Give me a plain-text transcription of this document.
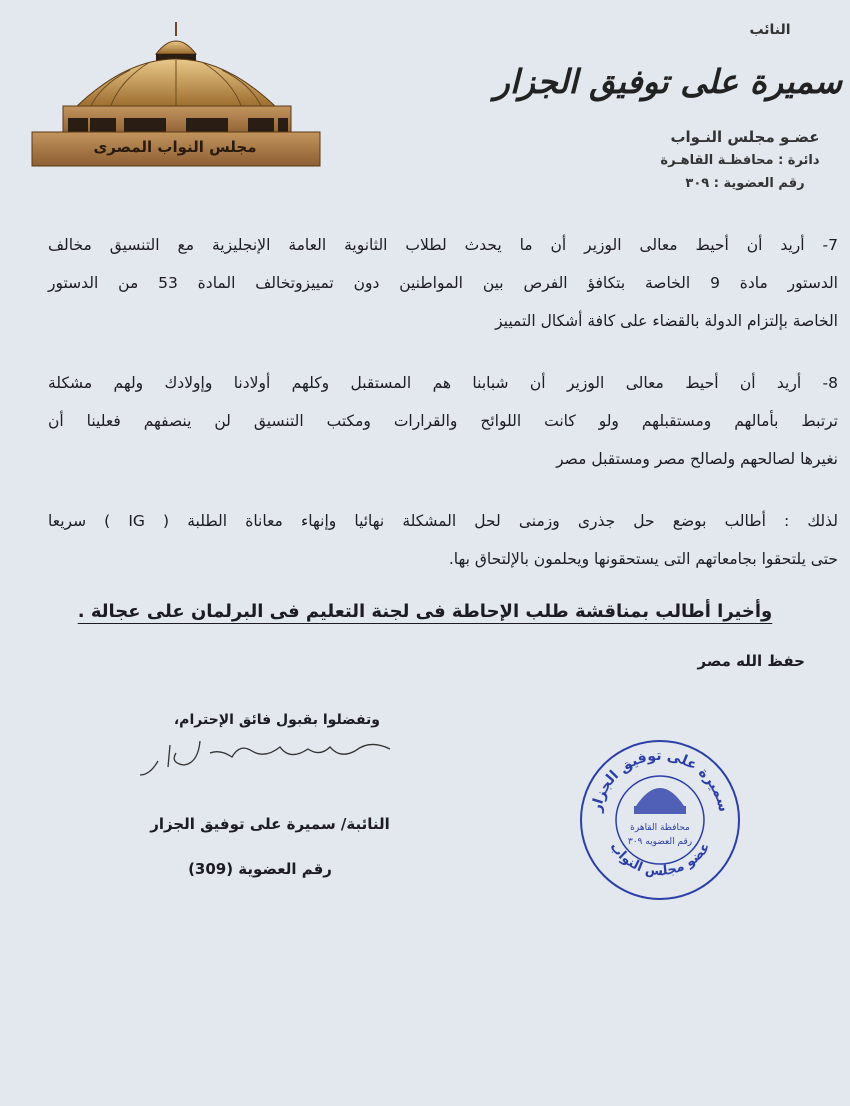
مجلس النواب المصرى
النائب
سميرة على توفيق الجزار
عضـو مجلس النـواب
دائرة : محافظـة القاهـرة
رقم العضوية : ٣٠٩
7- أريد أن أحيط معالى الوزير أن ما يحدث لطلاب الثانوية العامة الإنجليزية مع التنسيق مخالف
الدستور مادة 9 الخاصة بتكافؤ الفرص بين المواطنين دون تمييزوتخالف المادة 53 من الدستور
الخاصة بإلتزام الدولة بالقضاء على كافة أشكال التمييز
8- أريد أن أحيط معالى الوزير أن شبابنا هم المستقبل وكلهم أولادنا وإولادك ولهم مشكلة
ترتبط بأمالهم ومستقبلهم ولو كانت اللوائح والقرارات ومكتب التنسيق لن ينصفهم فعلينا أن
نغيرها لصالحهم ولصالح مصر ومستقبل مصر
لذلك : أطالب بوضع حل جذرى وزمنى لحل المشكلة نهائيا وإنهاء معاناة الطلبة ( IG ) سريعا
حتى يلتحقوا بجامعاتهم التى يستحقونها ويحلمون بالإلتحاق بها.
وأخيرا أطالب بمناقشة طلب الإحاطة فى لجنة التعليم فى البرلمان على عجالة .
حفظ الله مصر
وتفضلوا بقبول فائق الإحترام،
النائبة/ سميرة على توفيق الجزار
رقم العضوية (309)
سميرة على توفيق الجزار
عضو مجلس النواب
محافظة القاهرة
رقم العضويه ٣٠٩
